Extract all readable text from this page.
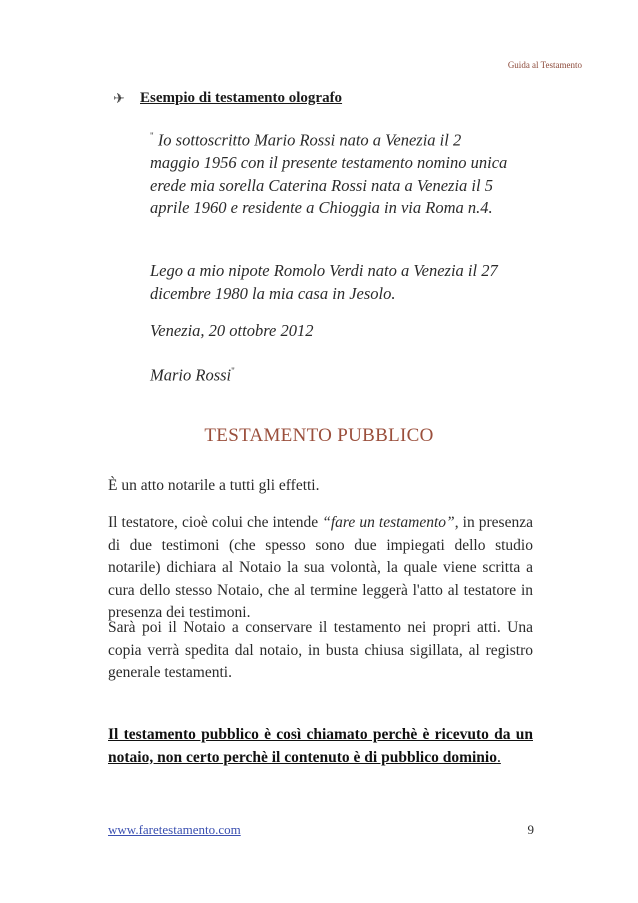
Guida al Testamento
✈	Esempio di testamento olografo

" Io sottoscritto Mario Rossi nato a Venezia il 2 maggio 1956 con il presente testamento nomino unica erede mia sorella Caterina Rossi nata a Venezia il 5 aprile 1960 e residente a Chioggia in via Roma n.4.

Lego a mio nipote Romolo Verdi nato a Venezia il 27 dicembre 1980 la mia casa in Jesolo.

Venezia, 20 ottobre 2012

Mario Rossi"

TESTAMENTO PUBBLICO

È un atto notarile a tutti gli effetti.

Il testatore, cioè colui che intende “fare un testamento”, in presenza di due testimoni (che spesso sono due impiegati dello studio notarile) dichiara al Notaio la sua volontà, la quale viene scritta a cura dello stesso Notaio, che al termine leggerà l'atto al testatore in presenza dei testimoni.

Sarà poi il Notaio a conservare il testamento nei propri atti. Una copia verrà spedita dal notaio, in busta chiusa sigillata, al registro generale testamenti.

Il testamento pubblico è così chiamato perchè è ricevuto da un notaio, non certo perchè il contenuto è di pubblico dominio.

www.faretestamento.com	9
